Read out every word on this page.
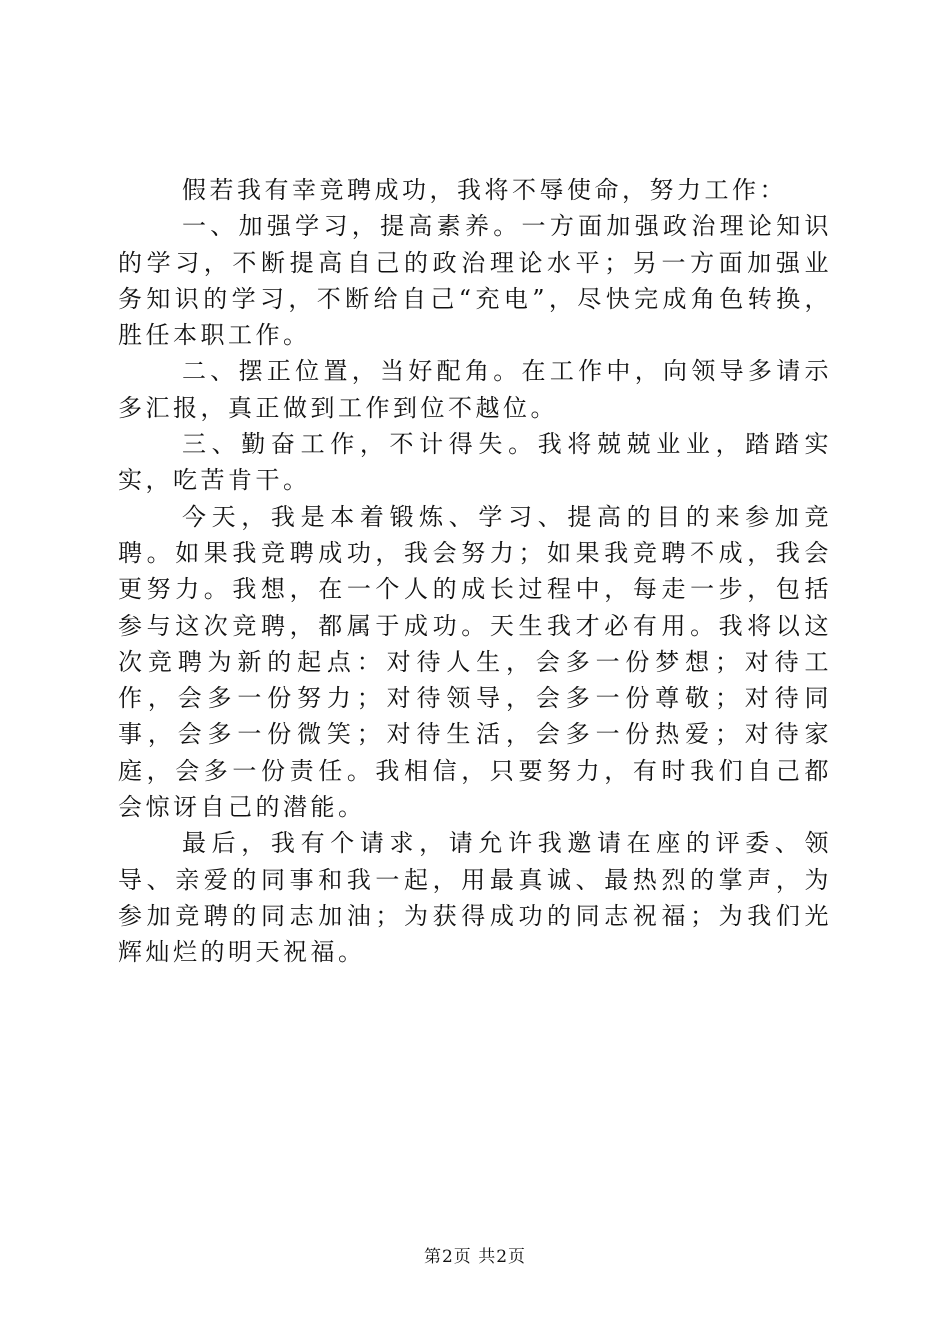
假若我有幸竞聘成功，我将不辱使命，努力工作：

一、加强学习，提高素养。一方面加强政治理论知识的学习，不断提高自己的政治理论水平；另一方面加强业务知识的学习，不断给自己“充电”，尽快完成角色转换，胜任本职工作。

二、摆正位置，当好配角。在工作中，向领导多请示多汇报，真正做到工作到位不越位。

三、勤奋工作，不计得失。我将兢兢业业，踏踏实实，吃苦肯干。

今天，我是本着锻炼、学习、提高的目的来参加竞聘。如果我竞聘成功，我会努力；如果我竞聘不成，我会更努力。我想，在一个人的成长过程中，每走一步，包括参与这次竞聘，都属于成功。天生我才必有用。我将以这次竞聘为新的起点：对待人生，会多一份梦想；对待工作，会多一份努力；对待领导，会多一份尊敬；对待同事，会多一份微笑；对待生活，会多一份热爱；对待家庭，会多一份责任。我相信，只要努力，有时我们自己都会惊讶自己的潜能。

最后，我有个请求，请允许我邀请在座的评委、领导、亲爱的同事和我一起，用最真诚、最热烈的掌声，为参加竞聘的同志加油；为获得成功的同志祝福；为我们光辉灿烂的明天祝福。

第2页 共2页
